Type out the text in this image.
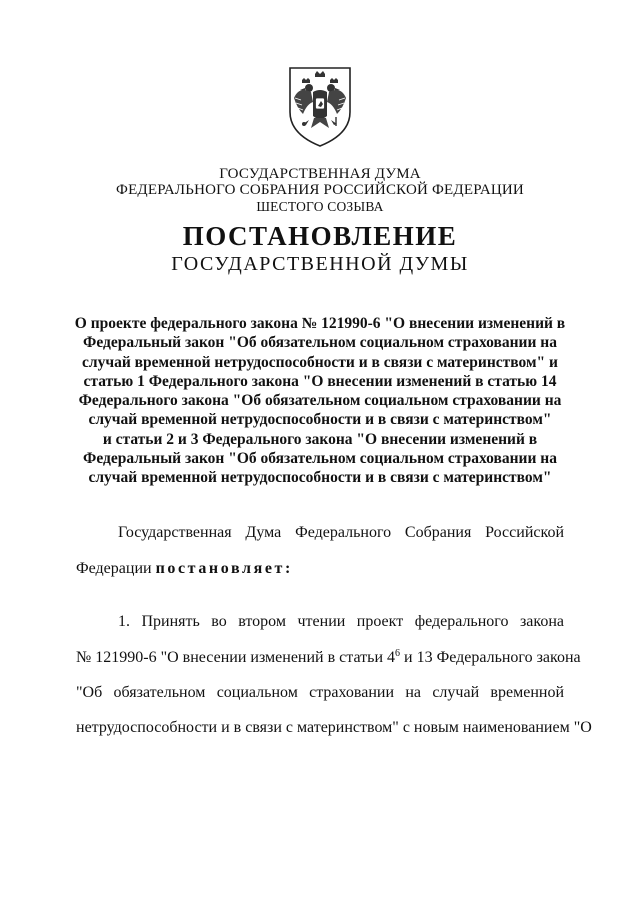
ГОСУДАРСТВЕННАЯ ДУМА
ФЕДЕРАЛЬНОГО СОБРАНИЯ РОССИЙСКОЙ ФЕДЕРАЦИИ
ШЕСТОГО СОЗЫВА
ПОСТАНОВЛЕНИЕ
ГОСУДАРСТВЕННОЙ ДУМЫ
О проекте федерального закона № 121990-6 "О внесении изменений в
Федеральный закон "Об обязательном социальном страховании на
случай временной нетрудоспособности и в связи с материнством" и
статью 1 Федерального закона "О внесении изменений в статью 14
Федерального закона "Об обязательном социальном страховании на
случай временной нетрудоспособности и в связи с материнством"
и статьи 2 и 3 Федерального закона "О внесении изменений в
Федеральный закон "Об обязательном социальном страховании на
случай временной нетрудоспособности и в связи с материнством"
Государственная Дума Федерального Собрания Российской
Федерации постановляет:
1. Принять во втором чтении проект федерального закона
№ 121990-6 "О внесении изменений в статьи $4^6$ и 13 Федерального закона
"Об обязательном социальном страховании на случай временной
нетрудоспособности и в связи с материнством" с новым наименованием "О
